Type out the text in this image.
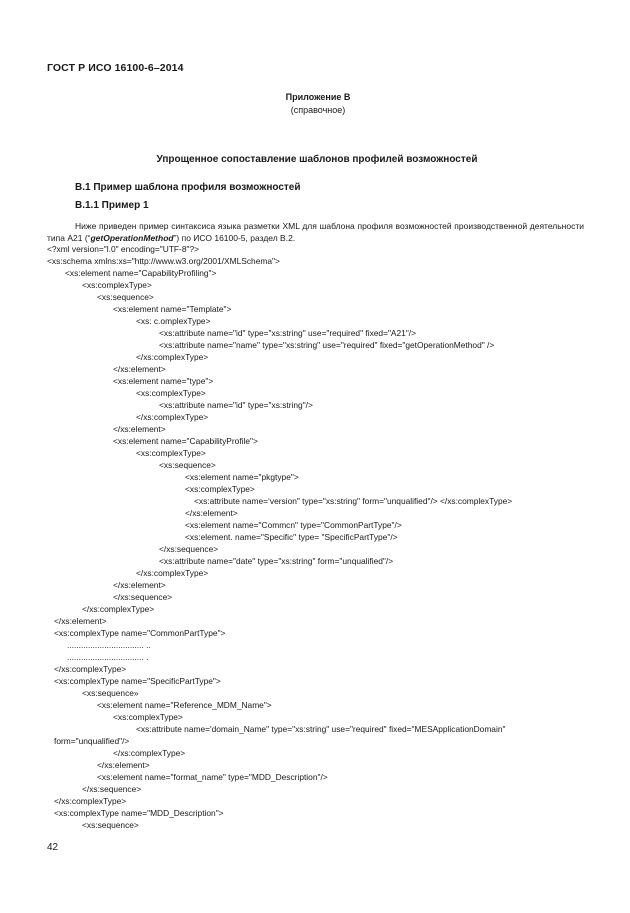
ГОСТ Р ИСО 16100-6–2014
Приложение В
(справочное)
Упрощенное сопоставление шаблонов профилей возможностей
В.1 Пример шаблона профиля возможностей
В.1.1 Пример 1
Ниже приведен пример синтаксиса языка разметки XML для шаблона профиля возможностей производственной деятельности типа А21 (“getOperationMethod”) по ИСО 16100-5, раздел В.2.
<?xml version="l.0" encoding="UTF-8"?>
<xs:schema xmlns:xs="http://www.w3.org/2001/XMLSchema">
<xs:element name="CapabilityProfiling">
<xs:complexType>
<xs:sequence>
<xs:element name="Template">
<xs: c.omplexType>
<xs:attribute name="id" type="xs:string" use="required" fixed="A21"/>
<xs:attribute name="name" type="xs:string" use="required" fixed="getOperationMethod" />
</xs:complexType>
</xs:element>
<xs:element name="type">
<xs:complexType>
<xs:attribute name="id" type="xs:string"/>
</xs:complexType>
</xs:element>
<xs:element name="CapabilityProfile">
<xs:complexType>
<xs:sequence>
<xs:element name="pkgtype">
<xs:complexType>
<xs:attribute name=‘version" type="xs:string" form="unqualified"/> </xs:complexType>
</xs:element>
<xs:element name="Commcn" type="CommonPartType"/>
<xs:element. name="Specific" type= "SpecificPartType"/>
</xs:sequence>
<xs:attribute name="date" type="xs:string" form="unqualified"/>
</xs:complexType>
</xs:element>
</xs:sequence>
</xs:complexType>
</xs:element>
<xs:complexType name="CommonPartType">
................................. ..
................................. .
</xs:complexType>
<xs:complexType name="SpecificPartType">
<xs:sequence»
<xs:element name="Reference_MDM_Name">
<xs:complexType>
<xs:attribute name='domain_Name" type="xs:string" use="required" fixed="MESApplicationDomain"
form="unqualified"/>
</xs:complexType>
</xs:element>
<xs:element name="format_name" type="MDD_Description"/>
</xs:sequence>
</xs:complexType>
<xs:complexType name="MDD_Description">
<xs:sequence>
42
